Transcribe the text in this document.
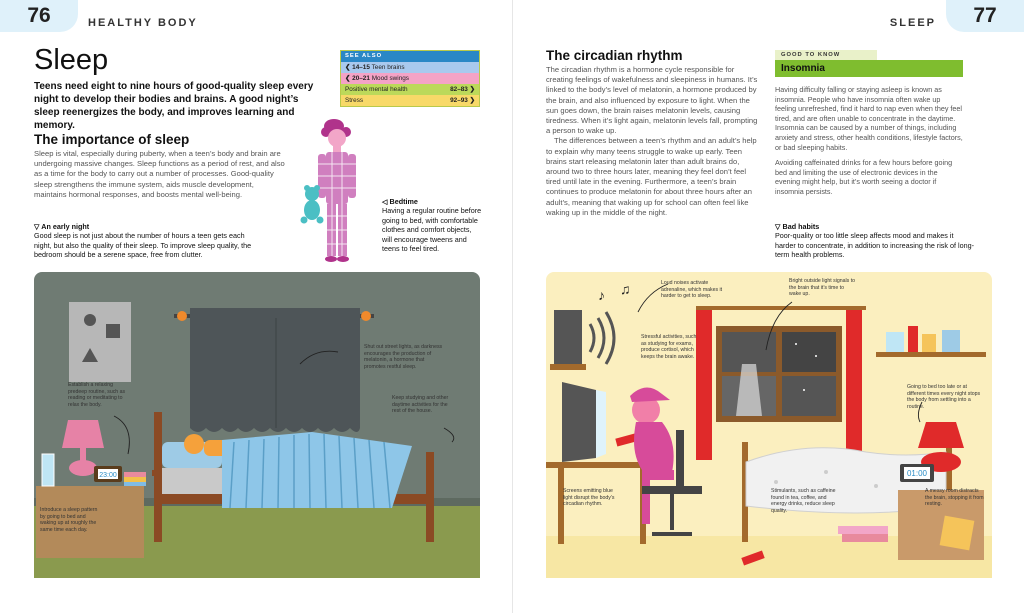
76	HEALTHY BODY
Sleep
Teens need eight to nine hours of good-quality sleep every night to develop their bodies and brains. A good night’s sleep reenergizes the body, and improves learning and memory.
The importance of sleep
Sleep is vital, especially during puberty, when a teen’s body and brain are undergoing massive changes. Sleep functions as a period of rest, and also as a time for the body to carry out a number of processes. Good-quality sleep strengthens the immune system, aids muscle development, maintains hormonal responses, and boosts mental well-being.
SEE ALSO
❮ 14–15 Teen brains
❮ 20–21 Mood swings
Positive mental health	82–83 ❯
Stress	92–93 ❯
◁ Bedtime
Having a regular routine before going to bed, with comfortable clothes and comfort objects, will encourage tweens and teens to feel tired.
▽ An early night
Good sleep is not just about the number of hours a teen gets each night, but also the quality of their sleep. To improve sleep quality, the bedroom should be a serene space, free from clutter.
23:00
Establish a relaxing predeep routine, such as reading or meditating to relax the body.
Shut out street lights, as darkness encourages the production of melatonin, a hormone that promotes restful sleep.
Keep studying and other daytime activities for the rest of the house.
Introduce a sleep pattern by going to bed and waking up at roughly the same time each day.
77
SLEEP
The circadian rhythm
The circadian rhythm is a hormone cycle responsible for creating feelings of wakefulness and sleepiness in humans. It’s linked to the body’s level of melatonin, a hormone produced by the brain, and also influenced by exposure to light. When the sun goes down, the brain raises melatonin levels, causing tiredness. When it’s light again, melatonin levels fall, prompting a person to wake up.
The differences between a teen’s rhythm and an adult’s help to explain why many teens struggle to wake up early. Teen brains start releasing melatonin later than adult brains do, around two to three hours later, meaning they feel don’t feel tired until late in the evening. Furthermore, a teen’s brain continues to produce melatonin for about three hours after an adult’s, meaning that waking up for school can often feel like waking up in the middle of the night.
▽ Bad habits
Poor-quality or too little sleep affects mood and makes it harder to concentrate, in addition to increasing the risk of long-term health problems.
♪ ♫
01:00
Loud noises activate adrenaline, which makes it harder to get to sleep.
Bright outside light signals to the brain that it’s time to wake up.
Stressful activities, such as studying for exams, produce cortisol, which keeps the brain awake.
Going to bed too late or at different times every night stops the body from settling into a routine.
Screens emitting blue light disrupt the body’s circadian rhythm.
Stimulants, such as caffeine found in tea, coffee, and energy drinks, reduce sleep quality.
A messy room distracts the brain, stopping it from resting.
GOOD TO KNOW
Insomnia

Having difficulty falling or staying asleep is known as insomnia. People who have insomnia often wake up feeling unrefreshed, find it hard to nap even when they feel tired, and are often unable to concentrate in the daytime. Insomnia can be caused by a number of things, including anxiety and stress, other health conditions, lifestyle factors, or bad sleeping habits.

Avoiding caffeinated drinks for a few hours before going bed and limiting the use of electronic devices in the evening might help, but it’s worth seeing a doctor if insomnia persists.
